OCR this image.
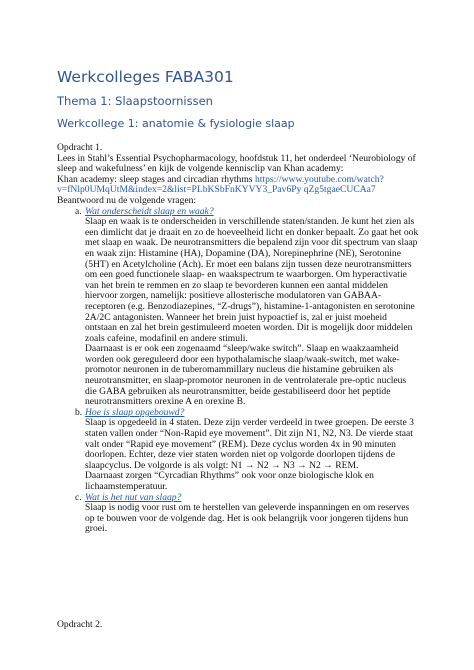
Werkcolleges FABA301
Thema 1: Slaapstoornissen
Werkcollege 1: anatomie & fysiologie slaap

Opdracht 1.

Lees in Stahl’s Essential Psychopharmacology, hoofdstuk 11, het onderdeel ‘Neurobiology of

sleep and wakefulness’ en kijk de volgende kennisclip van Khan academy:

Khan academy: sleep stages and circadian rhythms https://www.youtube.com/watch?

v=fNlp0UMqUtM&index=2&list=PLbKSbFnKYVY3_Pav6Py qZg5tgaeCUCAa7

Beantwoord nu de volgende vragen:

a. Wat onderscheidt slaap en waak?

Slaap en waak is te onderscheiden in verschillende staten/standen. Je kunt het zien als

een dimlicht dat je draait en zo de hoeveelheid licht en donker bepaalt. Zo gaat het ook

met slaap en waak. De neurotransmitters die bepalend zijn voor dit spectrum van slaap

en waak zijn: Histamine (HA), Dopamine (DA), Norepinephrine (NE), Serotonine

(5HT) en Acetylcholine (Ach). Er moet een balans zijn tussen deze neurotransmitters

om een goed functionele slaap- en waakspectrum te waarborgen. Om hyperactivatie

van het brein te remmen en zo slaap te bevorderen kunnen een aantal middelen

hiervoor zorgen, namelijk: positieve allosterische modulatoren van GABAA-

receptoren (e.g. Benzodiazepines, “Z-drugs”), histamine-1-antagonisten en serotonine

2A/2C antagonisten. Wanneer het brein juist hypoactief is, zal er juist moeheid

ontstaan en zal het brein gestimuleerd moeten worden. Dit is mogelijk door middelen

zoals cafeine, modafinil en andere stimuli.

Daarnaast is er ook een zogenaamd “sleep/wake switch”. Slaap en waakzaamheid

worden ook gereguleerd door een hypothalamische slaap/waak-switch, met wake-

promotor neuronen in de tuberomammillary nucleus die histamine gebruiken als

neurotransmitter, en slaap-promotor neuronen in de ventrolaterale pre-optic nucleus

die GABA gebruiken als neurotransmitter, beide gestabiliseerd door het peptide

neurotransmitters orexine A en orexine B.

b. Hoe is slaap opgebouwd?

Slaap is opgedeeld in 4 staten. Deze zijn verder verdeeld in twee groepen. De eerste 3

staten vallen onder “Non-Rapid eye movement”. Dit zijn N1, N2, N3. De vierde staat

valt onder “Rapid eye movement” (REM). Deze cyclus worden 4x in 90 minuten

doorlopen. Echter, deze vier staten worden niet op volgorde doorlopen tijdens de

slaapcyclus. De volgorde is als volgt: N1 → N2 → N3 → N2 → REM.

Daarnaast zorgen “Cyrcadian Rhythms” ook voor onze biologische klok en

lichaamstemperatuur.

c. Wat is het nut van slaap?

Slaap is nodig voor rust om te herstellen van geleverde inspanningen en om reserves

op te bouwen voor de volgende dag. Het is ook belangrijk voor jongeren tijdens hun

groei.

Opdracht 2.
